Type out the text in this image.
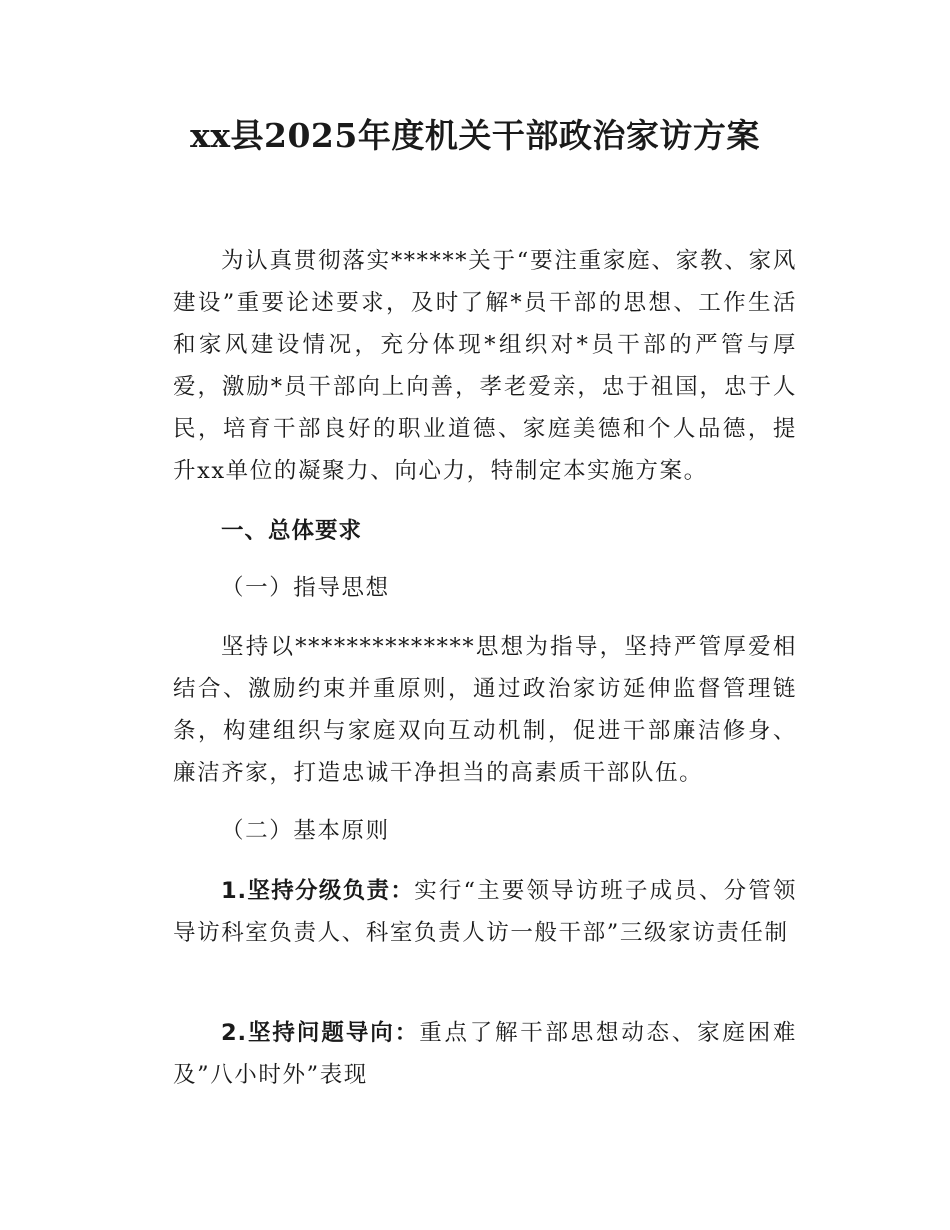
xx县2025年度机关干部政治家访方案
为认真贯彻落实******关于“要注重家庭、家教、家风建设”重要论述要求，及时了解*员干部的思想、工作生活和家风建设情况，充分体现*组织对*员干部的严管与厚爱，激励*员干部向上向善，孝老爱亲，忠于祖国，忠于人民，培育干部良好的职业道德、家庭美德和个人品德，提升xx单位的凝聚力、向心力，特制定本实施方案。
一、总体要求
（一）指导思想
坚持以**************思想为指导，坚持严管厚爱相结合、激励约束并重原则，通过政治家访延伸监督管理链条，构建组织与家庭双向互动机制，促进干部廉洁修身、廉洁齐家，打造忠诚干净担当的高素质干部队伍。
（二）基本原则
1.坚持分级负责：实行“主要领导访班子成员、分管领导访科室负责人、科室负责人访一般干部”三级家访责任制
2.坚持问题导向：重点了解干部思想动态、家庭困难及”八小时外”表现
